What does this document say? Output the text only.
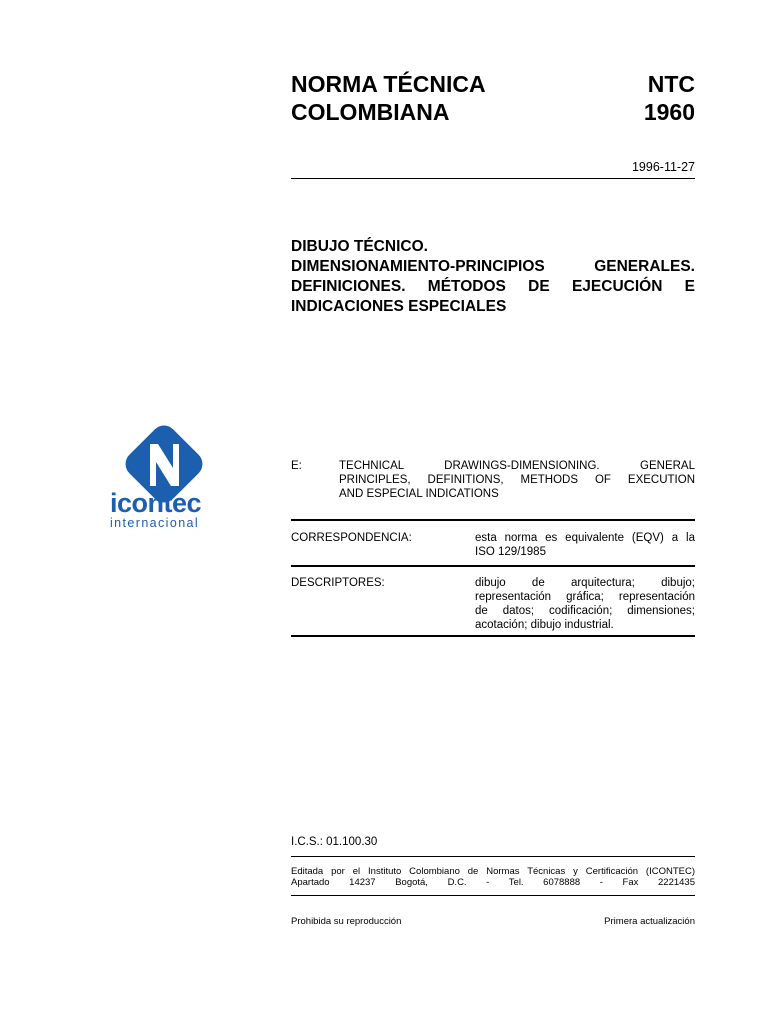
NORMA TÉCNICA
COLOMBIANA
NTC
1960
1996-11-27
DIBUJO TÉCNICO.
DIMENSIONAMIENTO-PRINCIPIOS GENERALES.
DEFINICIONES. MÉTODOS DE EJECUCIÓN E
INDICACIONES ESPECIALES
icontec
internacional
E:	TECHNICAL DRAWINGS-DIMENSIONING. GENERAL
PRINCIPLES, DEFINITIONS, METHODS OF EXECUTION
AND ESPECIAL INDICATIONS
CORRESPONDENCIA:	esta norma es equivalente (EQV) a la
ISO 129/1985
DESCRIPTORES:	dibujo de arquitectura; dibujo;
representación gráfica; representación
de datos; codificación; dimensiones;
acotación; dibujo industrial.
I.C.S.: 01.100.30
Editada por el Instituto Colombiano de Normas Técnicas y Certificación (ICONTEC)
Apartado 14237 Bogotá, D.C. - Tel. 6078888 - Fax 2221435
Prohibida su reproducción	Primera actualización
